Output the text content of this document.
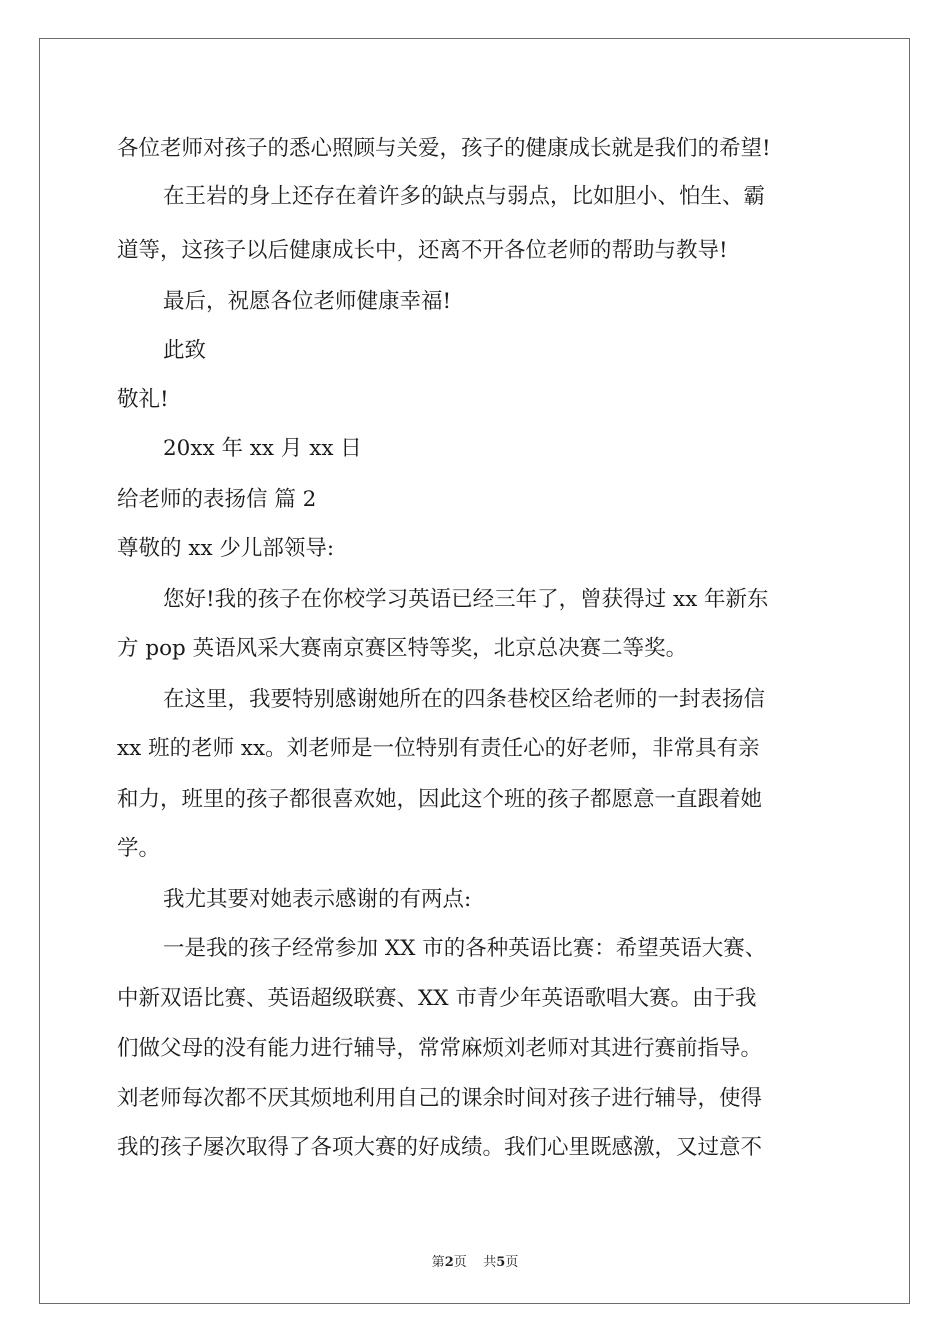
各位老师对孩子的悉心照顾与关爱，孩子的健康成长就是我们的希望!
在王岩的身上还存在着许多的缺点与弱点，比如胆小、怕生、霸
道等，这孩子以后健康成长中，还离不开各位老师的帮助与教导!
最后，祝愿各位老师健康幸福!
此致
敬礼!
20xx 年 xx 月 xx 日
给老师的表扬信 篇 2
尊敬的 xx 少儿部领导:
您好!我的孩子在你校学习英语已经三年了，曾获得过 xx 年新东
方 pop 英语风采大赛南京赛区特等奖，北京总决赛二等奖。
在这里，我要特别感谢她所在的四条巷校区给老师的一封表扬信
xx 班的老师 xx。刘老师是一位特别有责任心的好老师，非常具有亲
和力，班里的孩子都很喜欢她，因此这个班的孩子都愿意一直跟着她
学。
我尤其要对她表示感谢的有两点:
一是我的孩子经常参加 XX 市的各种英语比赛：希望英语大赛、
中新双语比赛、英语超级联赛、XX 市青少年英语歌唱大赛。由于我
们做父母的没有能力进行辅导，常常麻烦刘老师对其进行赛前指导。
刘老师每次都不厌其烦地利用自己的课余时间对孩子进行辅导，使得
我的孩子屡次取得了各项大赛的好成绩。我们心里既感激，又过意不
第2页    共5页
